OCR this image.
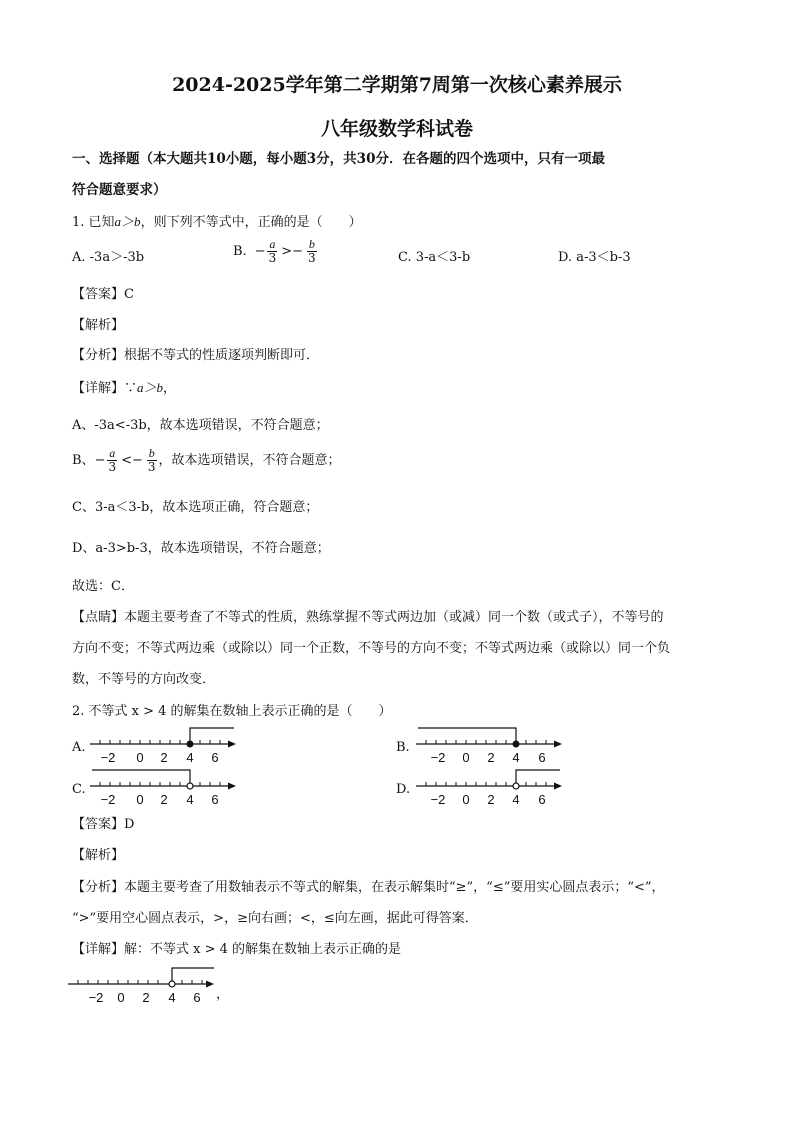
2024-2025学年第二学期第7周第一次核心素养展示
八年级数学科试卷
一、选择题（本大题共10小题，每小题3分，共30分．在各题的四个选项中，只有一项最
符合题意要求）
1. 已知a＞b，则下列不等式中，正确的是（　　）
A. -3a＞-3b	B. − $\frac{a}{3} >- \frac{b}{3}$	C. 3-a＜3-b	D. a-3＜b-3
【答案】C
【解析】
【分析】根据不等式的性质逐项判断即可．
【详解】∵a＞b，
A、-3a<-3b，故本选项错误，不符合题意；
B、 − $\frac{a}{3} <- \frac{b}{3}$ ，故本选项错误，不符合题意；
C、3-a＜3-b，故本选项正确，符合题意；
D、a-3>b-3，故本选项错误，不符合题意；
故选：C．
【点睛】本题主要考查了不等式的性质，熟练掌握不等式两边加（或减）同一个数（或式子），不等号的
方向不变；不等式两边乘（或除以）同一个正数，不等号的方向不变；不等式两边乘（或除以）同一个负
数，不等号的方向改变．
2. 不等式 x > 4 的解集在数轴上表示正确的是（　　）
A.
−2 0 2 4 6
B.
−2 0 2 4 6
C.
−2 0 2 4 6
D.
−2 0 2 4 6
【答案】D
【解析】
【分析】本题主要考查了用数轴表示不等式的解集，在表示解集时“≥”，“≤”要用实心圆点表示；“<”，
“>”要用空心圆点表示，>，≥向右画；<，≤向左画，据此可得答案．
【详解】解：不等式 x > 4 的解集在数轴上表示正确的是
−2 0 2 4 6 ，
